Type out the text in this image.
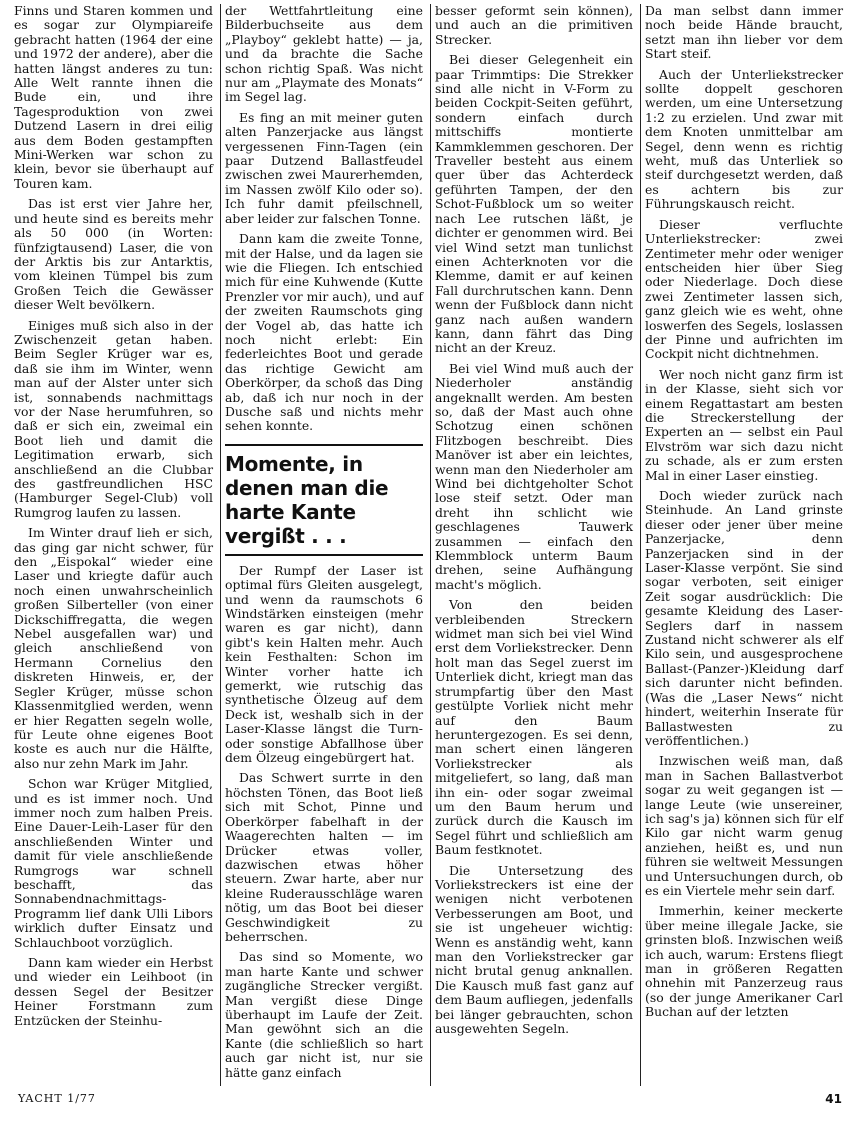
Finns und Staren kommen und es sogar zur Olympiareife gebracht hatten (1964 der eine und 1972 der andere), aber die hatten längst anderes zu tun: Alle Welt rannte ihnen die Bude ein, und ihre Tagesproduktion von zwei Dutzend Lasern in drei eilig aus dem Boden gestampften Mini-Werken war schon zu klein, bevor sie überhaupt auf Touren kam.

Das ist erst vier Jahre her, und heute sind es bereits mehr als 50 000 (in Worten: fünfzigtausend) Laser, die von der Arktis bis zur Antarktis, vom kleinen Tümpel bis zum Großen Teich die Gewässer dieser Welt bevölkern.

Einiges muß sich also in der Zwischenzeit getan haben. Beim Segler Krüger war es, daß sie ihm im Winter, wenn man auf der Alster unter sich ist, sonnabends nachmittags vor der Nase herumfuhren, so daß er sich ein, zweimal ein Boot lieh und damit die Legitimation erwarb, sich anschließend an die Clubbar des gastfreundlichen HSC (Hamburger Segel-Club) voll Rumgrog laufen zu lassen.

Im Winter drauf lieh er sich, das ging gar nicht schwer, für den „Eispokal“ wieder eine Laser und kriegte dafür auch noch einen unwahrscheinlich großen Silberteller (von einer Dickschiffregatta, die wegen Nebel ausgefallen war) und gleich anschließend von Hermann Cornelius den diskreten Hinweis, er, der Segler Krüger, müsse schon Klassenmitglied werden, wenn er hier Regatten segeln wolle, für Leute ohne eigenes Boot koste es auch nur die Hälfte, also nur zehn Mark im Jahr.

Schon war Krüger Mitglied, und es ist immer noch. Und immer noch zum halben Preis. Eine Dauer-Leih-Laser für den anschließenden Winter und damit für viele anschließende Rumgrogs war schnell beschafft, das Sonnabendnachmittags-Programm lief dank Ulli Libors wirklich dufter Einsatz und Schlauchboot vorzüglich.

Dann kam wieder ein Herbst und wieder ein Leihboot (in dessen Segel der Besitzer Heiner Forstmann zum Entzücken der Steinhu-

der Wettfahrtleitung eine Bilderbuchseite aus dem „Playboy“ geklebt hatte) — ja, und da brachte die Sache schon richtig Spaß. Was nicht nur am „Playmate des Monats“ im Segel lag.

Es fing an mit meiner guten alten Panzerjacke aus längst vergessenen Finn-Tagen (ein paar Dutzend Ballastfeudel zwischen zwei Maurerhemden, im Nassen zwölf Kilo oder so). Ich fuhr damit pfeilschnell, aber leider zur falschen Tonne.

Dann kam die zweite Tonne, mit der Halse, und da lagen sie wie die Fliegen. Ich entschied mich für eine Kuhwende (Kutte Prenzler vor mir auch), und auf der zweiten Raumschots ging der Vogel ab, das hatte ich noch nicht erlebt: Ein federleichtes Boot und gerade das richtige Gewicht am Oberkörper, da schoß das Ding ab, daß ich nur noch in der Dusche saß und nichts mehr sehen konnte.

Momente, in denen man die harte Kante vergißt . . .

Der Rumpf der Laser ist optimal fürs Gleiten ausgelegt, und wenn da raumschots 6 Windstärken einsteigen (mehr waren es gar nicht), dann gibt's kein Halten mehr. Auch kein Festhalten: Schon im Winter vorher hatte ich gemerkt, wie rutschig das synthetische Ölzeug auf dem Deck ist, weshalb sich in der Laser-Klasse längst die Turn- oder sonstige Abfallhose über dem Ölzeug eingebürgert hat.

Das Schwert surrte in den höchsten Tönen, das Boot ließ sich mit Schot, Pinne und Oberkörper fabelhaft in der Waagerechten halten — im Drücker etwas voller, dazwischen etwas höher steuern. Zwar harte, aber nur kleine Ruderausschläge waren nötig, um das Boot bei dieser Geschwindigkeit zu beherrschen.

Das sind so Momente, wo man harte Kante und schwer zugängliche Strecker vergißt. Man vergißt diese Dinge überhaupt im Laufe der Zeit. Man gewöhnt sich an die Kante (die schließlich so hart auch gar nicht ist, nur sie hätte ganz einfach

besser geformt sein können), und auch an die primitiven Strecker.

Bei dieser Gelegenheit ein paar Trimmtips: Die Strekker sind alle nicht in V-Form zu beiden Cockpit-Seiten geführt, sondern einfach durch mittschiffs montierte Kammklemmen geschoren. Der Traveller besteht aus einem quer über das Achterdeck geführten Tampen, der den Schot-Fußblock um so weiter nach Lee rutschen läßt, je dichter er genommen wird. Bei viel Wind setzt man tunlichst einen Achterknoten vor die Klemme, damit er auf keinen Fall durchrutschen kann. Denn wenn der Fußblock dann nicht ganz nach außen wandern kann, dann fährt das Ding nicht an der Kreuz.

Bei viel Wind muß auch der Niederholer anständig angeknallt werden. Am besten so, daß der Mast auch ohne Schotzug einen schönen Flitzbogen beschreibt. Dies Manöver ist aber ein leichtes, wenn man den Niederholer am Wind bei dichtgeholter Schot lose steif setzt. Oder man dreht ihn schlicht wie geschlagenes Tauwerk zusammen — einfach den Klemmblock unterm Baum drehen, seine Aufhängung macht's möglich.

Von den beiden verbleibenden Streckern widmet man sich bei viel Wind erst dem Vorliekstrecker. Denn holt man das Segel zuerst im Unterliek dicht, kriegt man das strumpfartig über den Mast gestülpte Vorliek nicht mehr auf den Baum heruntergezogen. Es sei denn, man schert einen längeren Vorliekstrecker als mitgeliefert, so lang, daß man ihn ein- oder sogar zweimal um den Baum herum und zurück durch die Kausch im Segel führt und schließlich am Baum festknotet.

Die Untersetzung des Vorliekstreckers ist eine der wenigen nicht verbotenen Verbesserungen am Boot, und sie ist ungeheuer wichtig: Wenn es anständig weht, kann man den Vorliekstrecker gar nicht brutal genug anknallen. Die Kausch muß fast ganz auf dem Baum aufliegen, jedenfalls bei länger gebrauchten, schon ausgewehten Segeln.

Da man selbst dann immer noch beide Hände braucht, setzt man ihn lieber vor dem Start steif.

Auch der Unterliekstrecker sollte doppelt geschoren werden, um eine Untersetzung 1:2 zu erzielen. Und zwar mit dem Knoten unmittelbar am Segel, denn wenn es richtig weht, muß das Unterliek so steif durchgesetzt werden, daß es achtern bis zur Führungskausch reicht.

Dieser verfluchte Unterliekstrecker: zwei Zentimeter mehr oder weniger entscheiden hier über Sieg oder Niederlage. Doch diese zwei Zentimeter lassen sich, ganz gleich wie es weht, ohne loswerfen des Segels, loslassen der Pinne und aufrichten im Cockpit nicht dichtnehmen.

Wer noch nicht ganz firm ist in der Klasse, sieht sich vor einem Regattastart am besten die Streckerstellung der Experten an — selbst ein Paul Elvström war sich dazu nicht zu schade, als er zum ersten Mal in einer Laser einstieg.

Doch wieder zurück nach Steinhude. An Land grinste dieser oder jener über meine Panzerjacke, denn Panzerjacken sind in der Laser-Klasse verpönt. Sie sind sogar verboten, seit einiger Zeit sogar ausdrücklich: Die gesamte Kleidung des Laser-Seglers darf in nassem Zustand nicht schwerer als elf Kilo sein, und ausgesprochene Ballast-(Panzer-)Kleidung darf sich darunter nicht befinden. (Was die „Laser News“ nicht hindert, weiterhin Inserate für Ballastwesten zu veröffentlichen.)

Inzwischen weiß man, daß man in Sachen Ballastverbot sogar zu weit gegangen ist — lange Leute (wie unsereiner, ich sag's ja) können sich für elf Kilo gar nicht warm genug anziehen, heißt es, und nun führen sie weltweit Messungen und Untersuchungen durch, ob es ein Viertele mehr sein darf.

Immerhin, keiner meckerte über meine illegale Jacke, sie grinsten bloß. Inzwischen weiß ich auch, warum: Erstens fliegt man in größeren Regatten ohnehin mit Panzerzeug raus (so der junge Amerikaner Carl Buchan auf der letzten

YACHT 1/77	41
